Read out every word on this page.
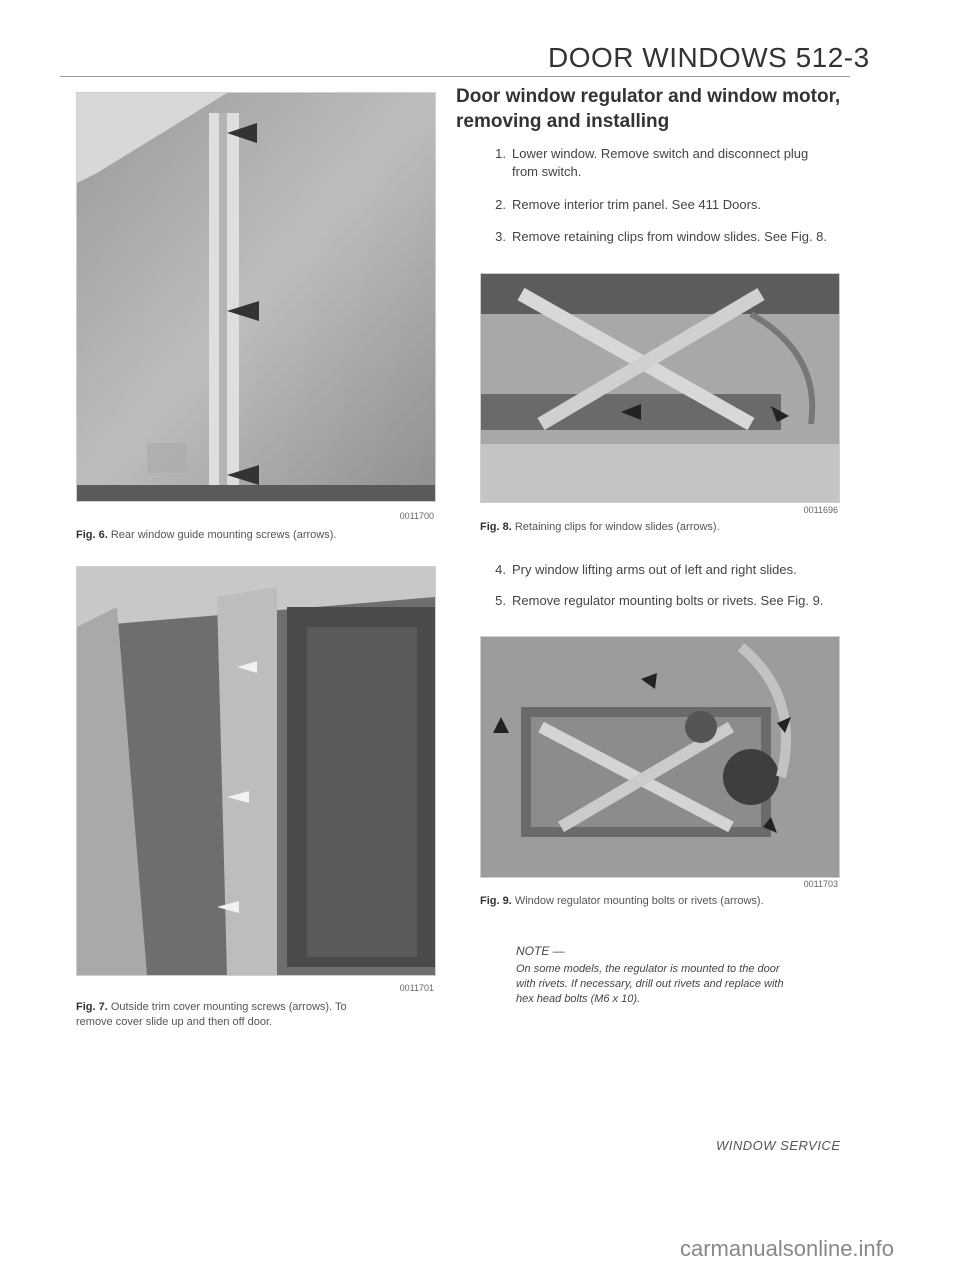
DOOR WINDOWS 512-3
0011700
Fig. 6. Rear window guide mounting screws (arrows).
0011701
Fig. 7. Outside trim cover mounting screws (arrows). To remove cover slide up and then off door.
Door window regulator and window motor,
removing and installing
1. Lower window. Remove switch and disconnect plug
from switch.
2. Remove interior trim panel. See 411 Doors.
3. Remove retaining clips from window slides. See Fig. 8.
0011696
Fig. 8. Retaining clips for window slides (arrows).
4. Pry window lifting arms out of left and right slides.
5. Remove regulator mounting bolts or rivets. See Fig. 9.
0011703
Fig. 9. Window regulator mounting bolts or rivets (arrows).
NOTE —
On some models, the regulator is mounted to the door
with rivets. If necessary, drill out rivets and replace with
hex head bolts (M6 x 10).
WINDOW SERVICE
carmanualsonline.info
